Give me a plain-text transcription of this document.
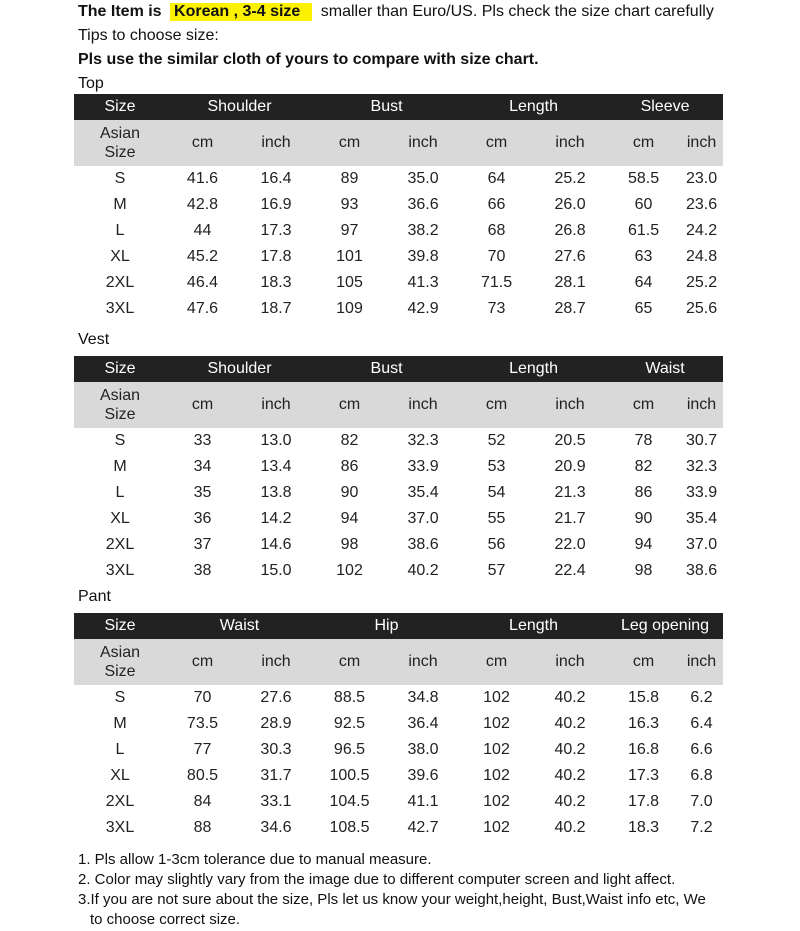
The Item is Korean , 3-4 size smaller than Euro/US. Pls check the size chart carefully
Tips to choose size:
Pls use the similar cloth of yours to compare with size chart.
Top
Size	Shoulder		Bust		Length		Sleeve	

Asian
Size	cm	inch	cm	inch	cm	inch	cm	inch
S	41.6	16.4	89	35.0	64	25.2	58.5	23.0
M	42.8	16.9	93	36.6	66	26.0	60	23.6
L	44	17.3	97	38.2	68	26.8	61.5	24.2
XL	45.2	17.8	101	39.8	70	27.6	63	24.8
2XL	46.4	18.3	105	41.3	71.5	28.1	64	25.2
3XL	47.6	18.7	109	42.9	73	28.7	65	25.6
Vest
Size	Shoulder		Bust		Length		Waist	

Asian
Size	cm	inch	cm	inch	cm	inch	cm	inch
S	33	13.0	82	32.3	52	20.5	78	30.7
M	34	13.4	86	33.9	53	20.9	82	32.3
L	35	13.8	90	35.4	54	21.3	86	33.9
XL	36	14.2	94	37.0	55	21.7	90	35.4
2XL	37	14.6	98	38.6	56	22.0	94	37.0
3XL	38	15.0	102	40.2	57	22.4	98	38.6
Pant
Size	Waist		Hip		Length		Leg opening	

Asian
Size	cm	inch	cm	inch	cm	inch	cm	inch
S	70	27.6	88.5	34.8	102	40.2	15.8	6.2
M	73.5	28.9	92.5	36.4	102	40.2	16.3	6.4
L	77	30.3	96.5	38.0	102	40.2	16.8	6.6
XL	80.5	31.7	100.5	39.6	102	40.2	17.3	6.8
2XL	84	33.1	104.5	41.1	102	40.2	17.8	7.0
3XL	88	34.6	108.5	42.7	102	40.2	18.3	7.2
1. Pls allow 1-3cm tolerance due to manual measure.
2. Color may slightly vary from the image due to different computer screen and light affect.
3.If you are not sure about the size, Pls let us know your weight,height, Bust,Waist info etc, We
to choose correct size.
